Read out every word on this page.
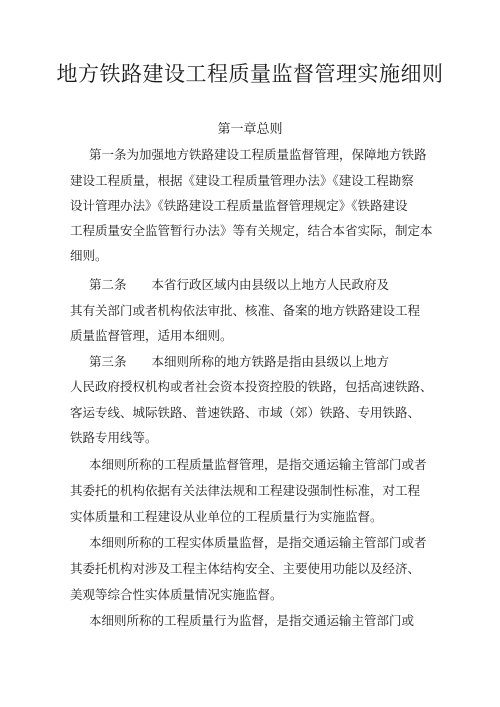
地方铁路建设工程质量监督管理实施细则
第一章总则
第一条为加强地方铁路建设工程质量监督管理，保障地方铁路
建设工程质量，根据《建设工程质量管理办法》《建设工程勘察
设计管理办法》《铁路建设工程质量监督管理规定》《铁路建设
工程质量安全监管暂行办法》等有关规定，结合本省实际，制定本
细则。
第二条　　本省行政区域内由县级以上地方人民政府及
其有关部门或者机构依法审批、核准、备案的地方铁路建设工程
质量监督管理，适用本细则。
第三条　　本细则所称的地方铁路是指由县级以上地方
人民政府授权机构或者社会资本投资控股的铁路，包括高速铁路、
客运专线、城际铁路、普速铁路、市域（郊）铁路、专用铁路、
铁路专用线等。
本细则所称的工程质量监督管理，是指交通运输主管部门或者
其委托的机构依据有关法律法规和工程建设强制性标准，对工程
实体质量和工程建设从业单位的工程质量行为实施监督。
本细则所称的工程实体质量监督，是指交通运输主管部门或者
其委托机构对涉及工程主体结构安全、主要使用功能以及经济、
美观等综合性实体质量情况实施监督。
本细则所称的工程质量行为监督，是指交通运输主管部门或
